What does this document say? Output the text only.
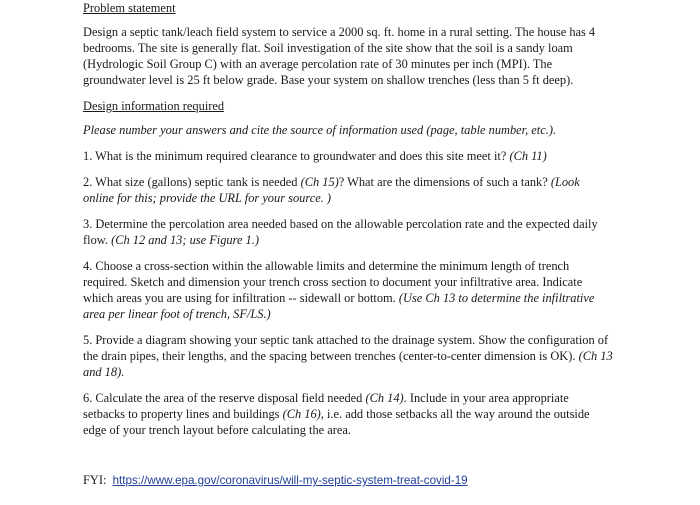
Problem statement

Design a septic tank/leach field system to service a 2000 sq. ft. home in a rural setting. The house has 4 bedrooms. The site is generally flat. Soil investigation of the site show that the soil is a sandy loam (Hydrologic Soil Group C) with an average percolation rate of 30 minutes per inch (MPI). The groundwater level is 25 ft below grade. Base your system on shallow trenches (less than 5 ft deep).

Design information required

Please number your answers and cite the source of information used (page, table number, etc.).

1. What is the minimum required clearance to groundwater and does this site meet it? (Ch 11)

2. What size (gallons) septic tank is needed (Ch 15)? What are the dimensions of such a tank? (Look online for this; provide the URL for your source. )

3. Determine the percolation area needed based on the allowable percolation rate and the expected daily flow. (Ch 12 and 13; use Figure 1.)

4. Choose a cross-section within the allowable limits and determine the minimum length of trench required. Sketch and dimension your trench cross section to document your infiltrative area. Indicate which areas you are using for infiltration -- sidewall or bottom. (Use Ch 13 to determine the infiltrative area per linear foot of trench, SF/LS.)

5. Provide a diagram showing your septic tank attached to the drainage system. Show the configuration of the drain pipes, their lengths, and the spacing between trenches (center-to-center dimension is OK). (Ch 13 and 18).

6. Calculate the area of the reserve disposal field needed (Ch 14). Include in your area appropriate setbacks to property lines and buildings (Ch 16), i.e. add those setbacks all the way around the outside edge of your trench layout before calculating the area.

FYI:  https://www.epa.gov/coronavirus/will-my-septic-system-treat-covid-19
